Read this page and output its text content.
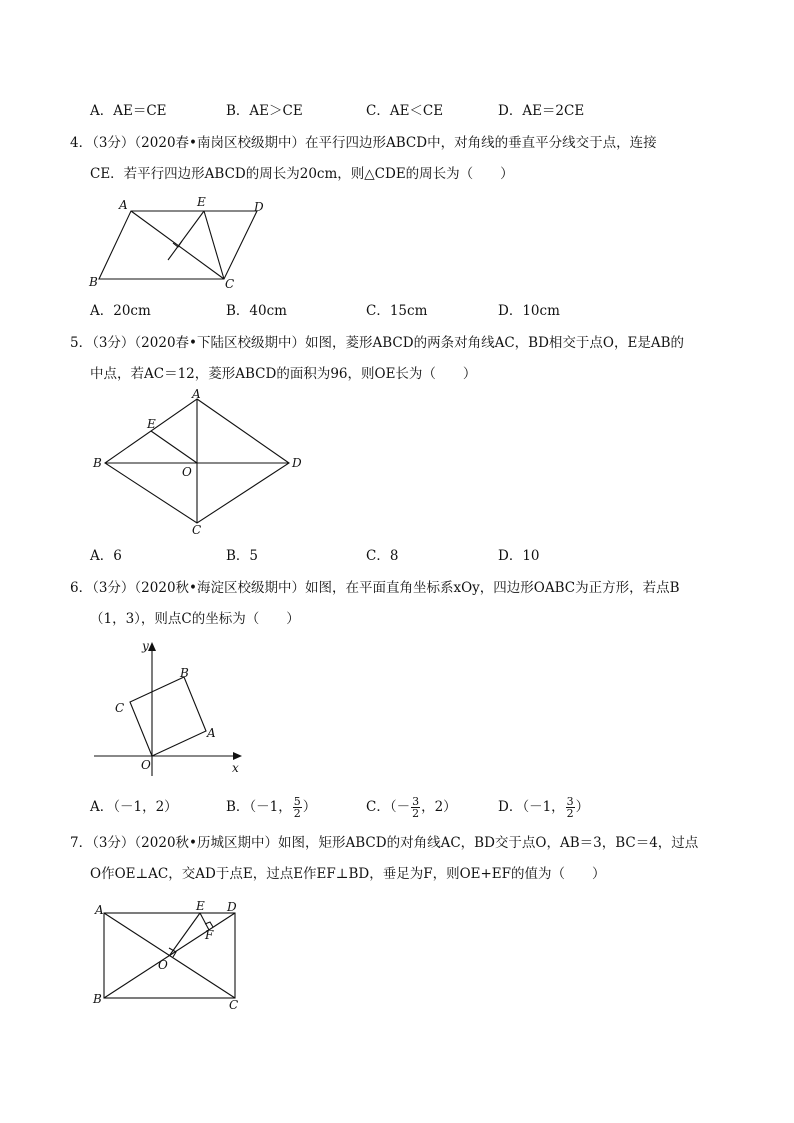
A．AE＝CE	B．AE＞CE	C．AE＜CE	D．AE＝2CE
4．（3分）（2020春•南岗区校级期中）在平行四边形ABCD中，对角线的垂直平分线交于点，连接
CE．若平行四边形ABCD的周长为20cm，则△CDE的周长为（　　）
A	E	D
B	C
A．20cm	B．40cm	C．15cm	D．10cm
5．（3分）（2020春•下陆区校级期中）如图，菱形ABCD的两条对角线AC，BD相交于点O，E是AB的
中点，若AC＝12，菱形ABCD的面积为96，则OE长为（　　）
A
E
B
O
D
C
A．6	B．5	C．8	D．10
6．（3分）（2020秋•海淀区校级期中）如图，在平面直角坐标系xOy，四边形OABC为正方形，若点B
（1，3），则点C的坐标为（　　）
y
B
C
A
O	x
A．（－1，2）	B．（－1， $\frac{5}{2}$ ）	C．（－ $\frac{3}{2}$ ，2）	D．（－1， $\frac{3}{2}$ ）
7．（3分）（2020秋•历城区期中）如图，矩形ABCD的对角线AC，BD交于点O，AB＝3，BC＝4，过点
O作OE⊥AC，交AD于点E，过点E作EF⊥BD，垂足为F，则OE+EF的值为（　　）
A	E D
F
O
B	C
